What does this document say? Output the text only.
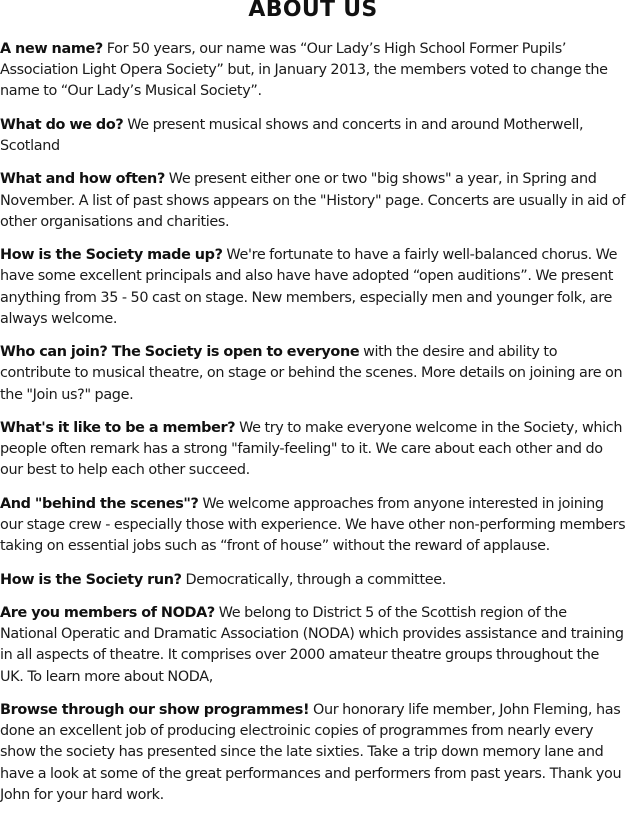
ABOUT US

A new name? For 50 years, our name was “Our Lady’s High School Former Pupils’ Association Light Opera Society” but, in January 2013, the members voted to change the name to “Our Lady’s Musical Society”.

What do we do? We present musical shows and concerts in and around Motherwell, Scotland

What and how often? We present either one or two "big shows" a year, in Spring and November. A list of past shows appears on the "History" page. Concerts are usually in aid of other organisations and charities.

How is the Society made up? We're fortunate to have a fairly well-balanced chorus. We have some excellent principals and also have have adopted “open auditions”. We present anything from 35 - 50 cast on stage. New members, especially men and younger folk, are always welcome.

Who can join? The Society is open to everyone with the desire and ability to contribute to musical theatre, on stage or behind the scenes. More details on joining are on the "Join us?" page.

What's it like to be a member? We try to make everyone welcome in the Society, which people often remark has a strong "family-feeling" to it. We care about each other and do our best to help each other succeed.

And "behind the scenes"? We welcome approaches from anyone interested in joining our stage crew - especially those with experience. We have other non-performing members taking on essential jobs such as “front of house” without the reward of applause.

How is the Society run? Democratically, through a committee.

Are you members of NODA? We belong to District 5 of the Scottish region of the National Operatic and Dramatic Association (NODA) which provides assistance and training in all aspects of theatre. It comprises over 2000 amateur theatre groups throughout the UK. To learn more about NODA,

Browse through our show programmes! Our honorary life member, John Fleming, has done an excellent job of producing electroinic copies of programmes from nearly every show the society has presented since the late sixties. Take a trip down memory lane and have a look at some of the great performances and performers from past years. Thank you John for your hard work.
